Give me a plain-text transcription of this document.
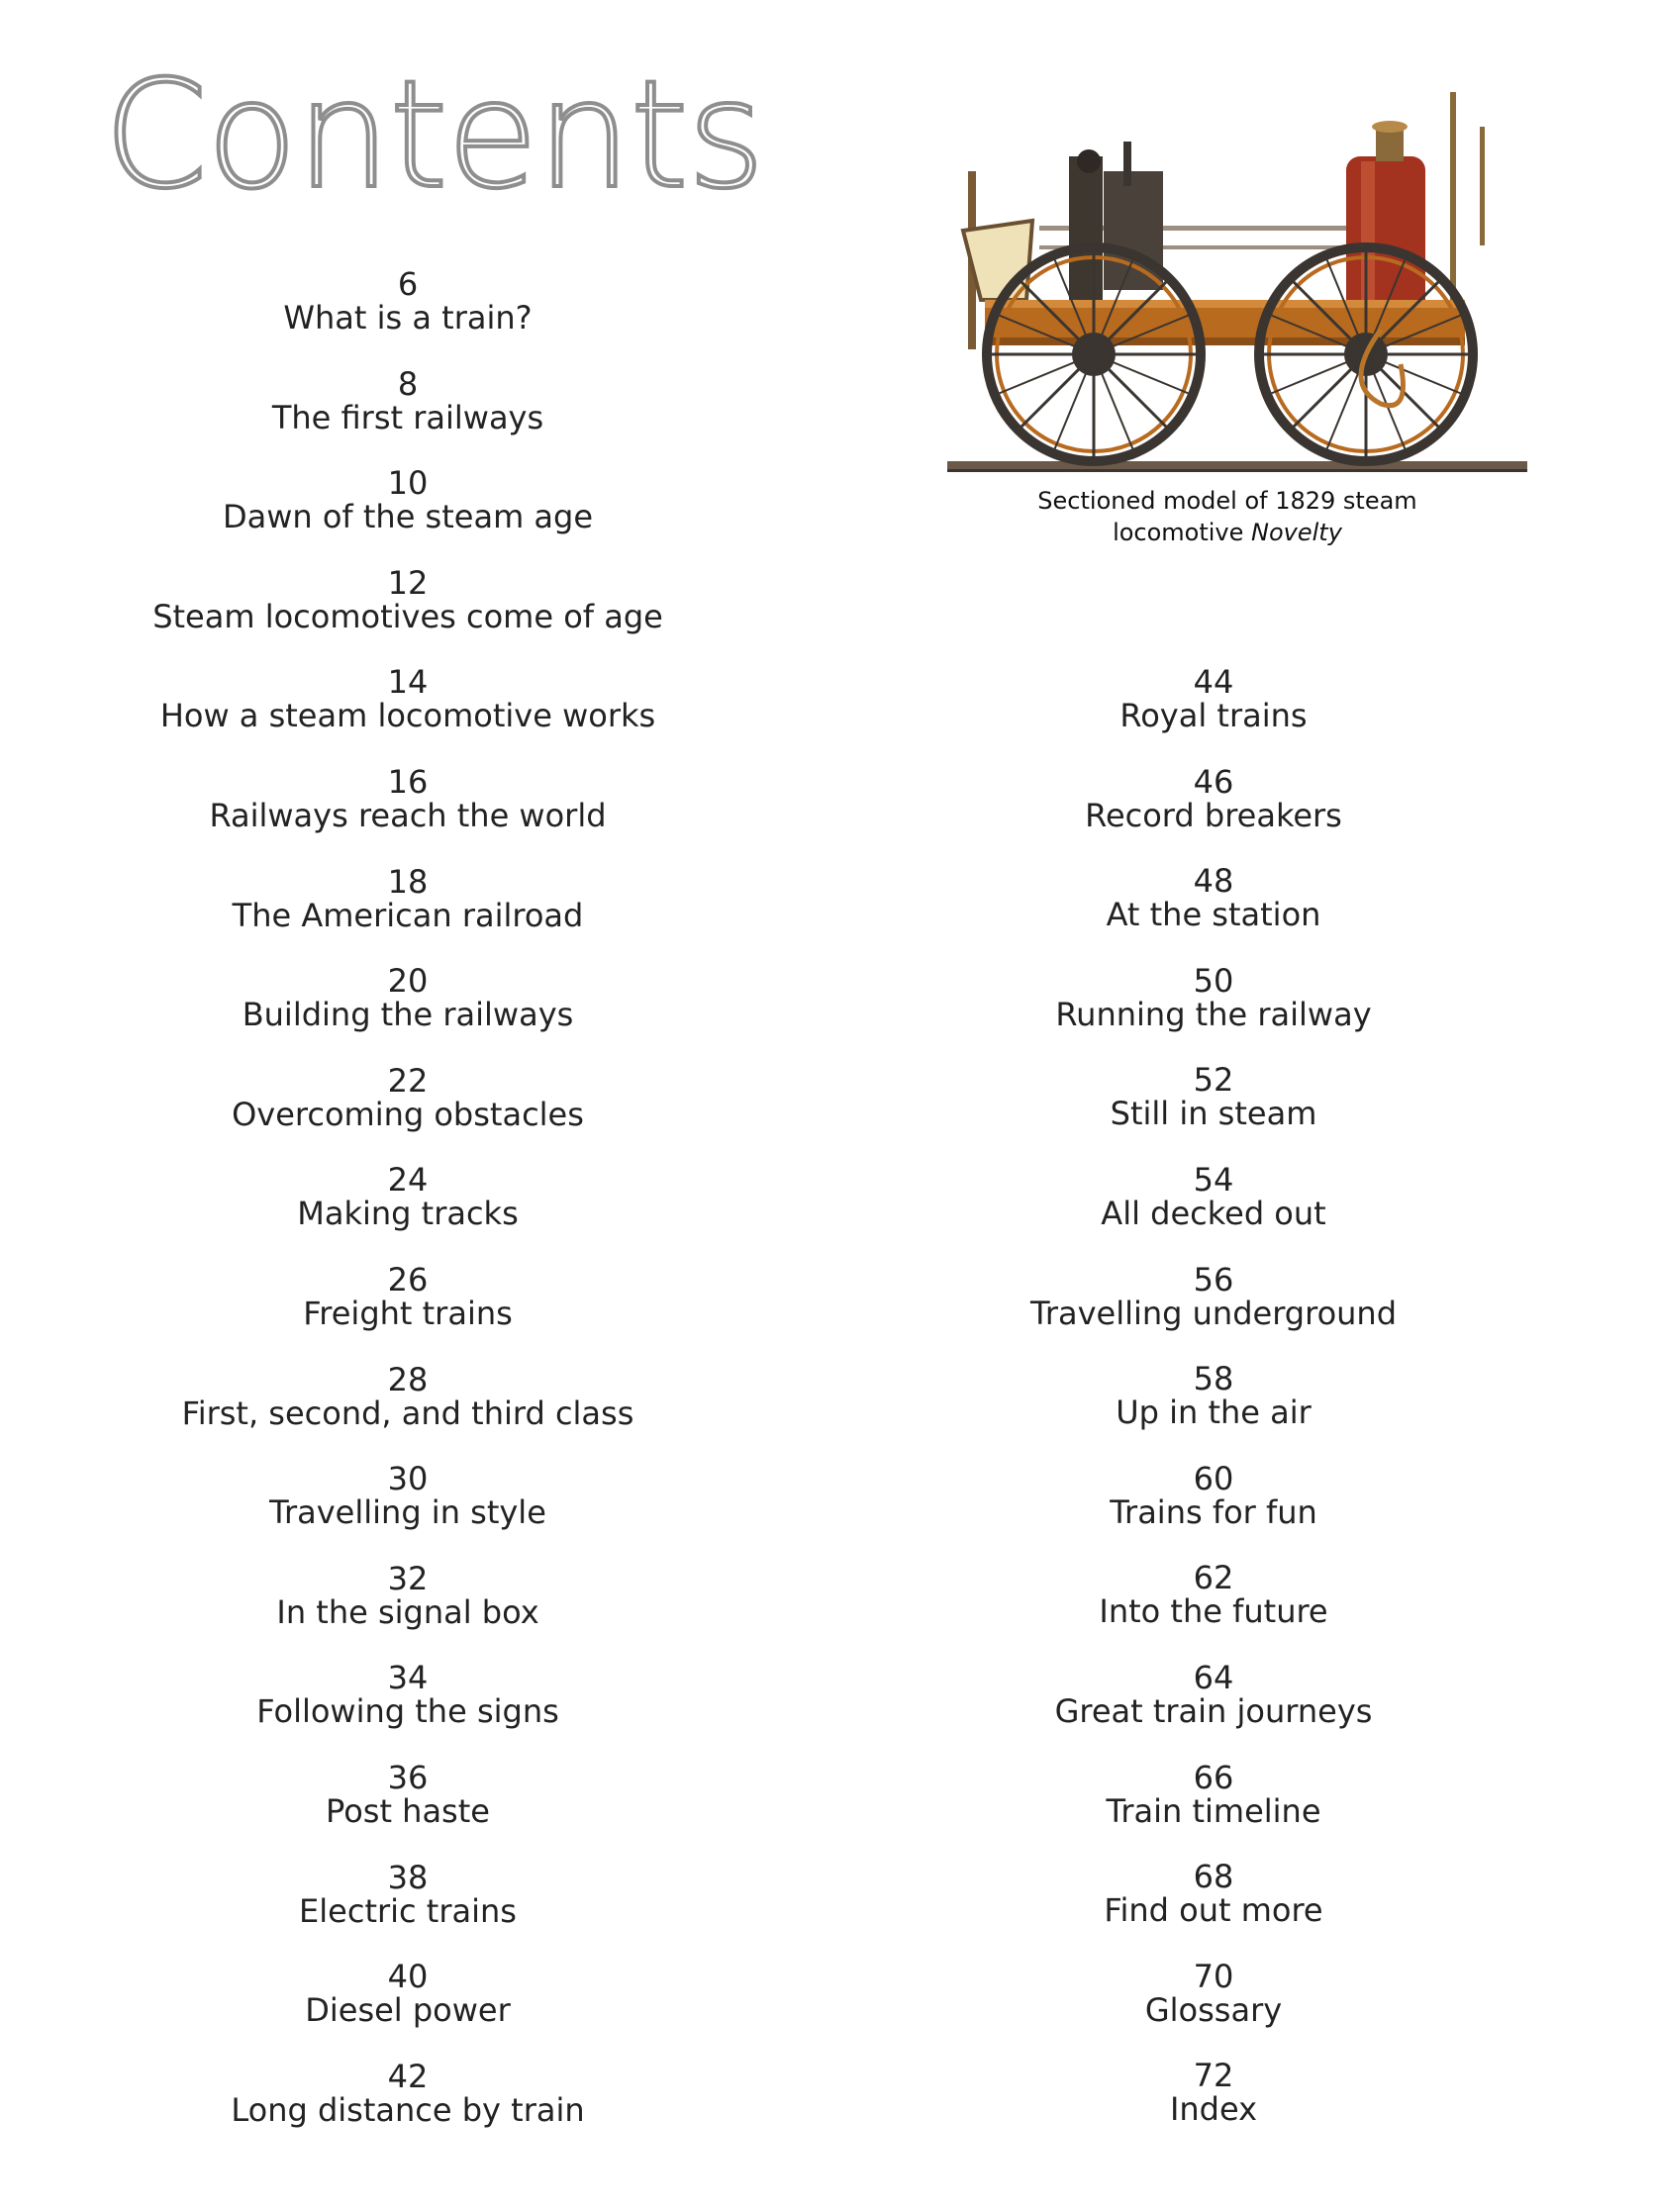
Contents
6
What is a train?
8
The first railways
10
Dawn of the steam age
12
Steam locomotives come of age
14
How a steam locomotive works
16
Railways reach the world
18
The American railroad
20
Building the railways
22
Overcoming obstacles
24
Making tracks
26
Freight trains
28
First, second, and third class
30
Travelling in style
32
In the signal box
34
Following the signs
36
Post haste
38
Electric trains
40
Diesel power
42
Long distance by train
44
Royal trains
46
Record breakers
48
At the station
50
Running the railway
52
Still in steam
54
All decked out
56
Travelling underground
58
Up in the air
60
Trains for fun
62
Into the future
64
Great train journeys
66
Train timeline
68
Find out more
70
Glossary
72
Index
Sectioned model of 1829 steam
locomotive Novelty
